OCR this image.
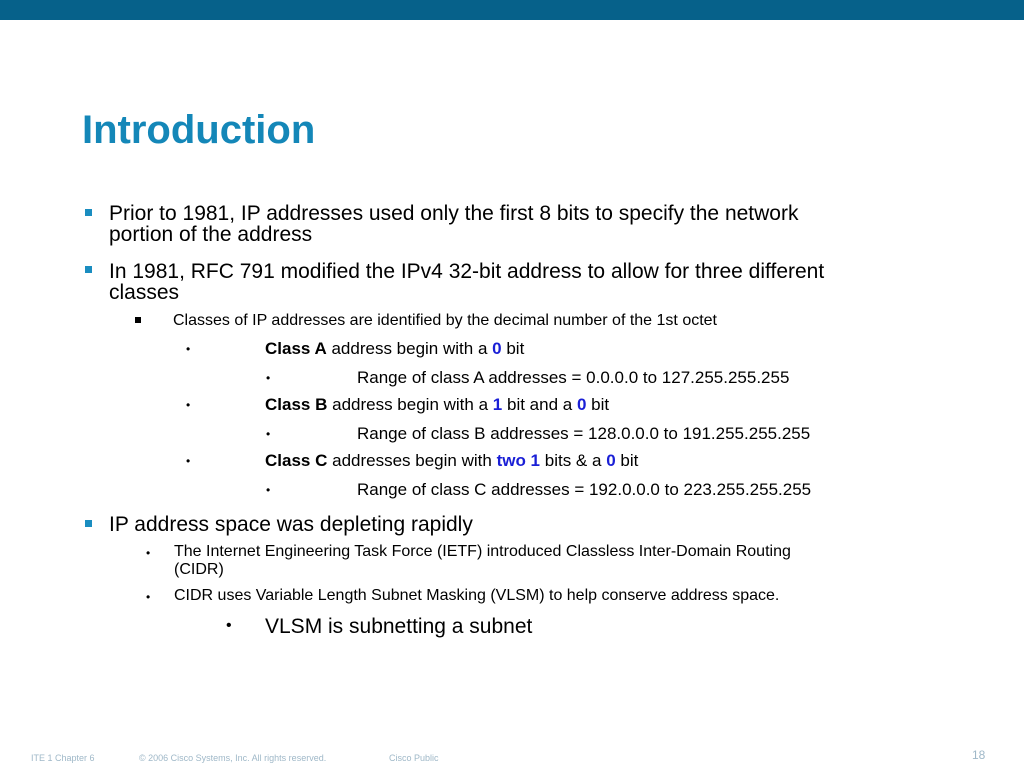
Introduction
Prior to 1981, IP addresses used only the first 8 bits to specify the network
portion of the address
In 1981, RFC 791 modified the IPv4 32-bit address to allow for three different
classes
Classes of IP addresses are identified by the decimal number of the 1st octet
•	Class A address begin with a 0 bit
•	Range of class A addresses = 0.0.0.0 to 127.255.255.255
•	Class B address begin with a 1 bit and a 0 bit
•	Range of class B addresses = 128.0.0.0 to 191.255.255.255
•	Class C addresses begin with two 1 bits & a 0 bit
•	Range of class C addresses = 192.0.0.0 to 223.255.255.255
IP address space was depleting rapidly
• The Internet Engineering Task Force (IETF) introduced Classless Inter-Domain Routing
(CIDR)
• CIDR uses Variable Length Subnet Masking (VLSM) to help conserve address space.
• VLSM is subnetting a subnet
ITE 1 Chapter 6	© 2006 Cisco Systems, Inc. All rights reserved.	Cisco Public	18
